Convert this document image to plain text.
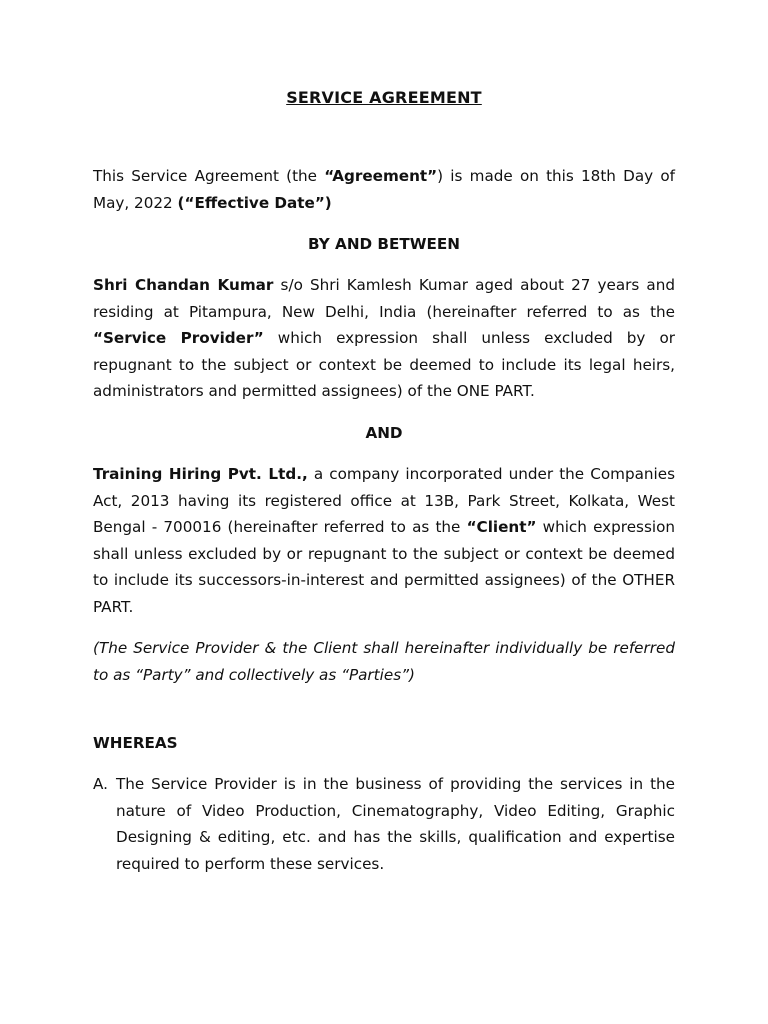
SERVICE AGREEMENT

This Service Agreement (the “Agreement”) is made on this 18th Day of May, 2022 (“Effective Date”)

BY AND BETWEEN

Shri Chandan Kumar s/o Shri Kamlesh Kumar aged about 27 years and residing at Pitampura, New Delhi, India (hereinafter referred to as the “Service Provider” which expression shall unless excluded by or repugnant to the subject or context be deemed to include its legal heirs, administrators and permitted assignees) of the ONE PART.

AND

Training Hiring Pvt. Ltd., a company incorporated under the Companies Act, 2013 having its registered office at 13B, Park Street, Kolkata, West Bengal - 700016 (hereinafter referred to as the “Client” which expression shall unless excluded by or repugnant to the subject or context be deemed to include its successors-in-interest and permitted assignees) of the OTHER PART.

(The Service Provider & the Client shall hereinafter individually be referred to as “Party” and collectively as “Parties”)

WHEREAS

A. The Service Provider is in the business of providing the services in the nature of Video Production, Cinematography, Video Editing, Graphic Designing & editing, etc. and has the skills, qualification and expertise required to perform these services.
